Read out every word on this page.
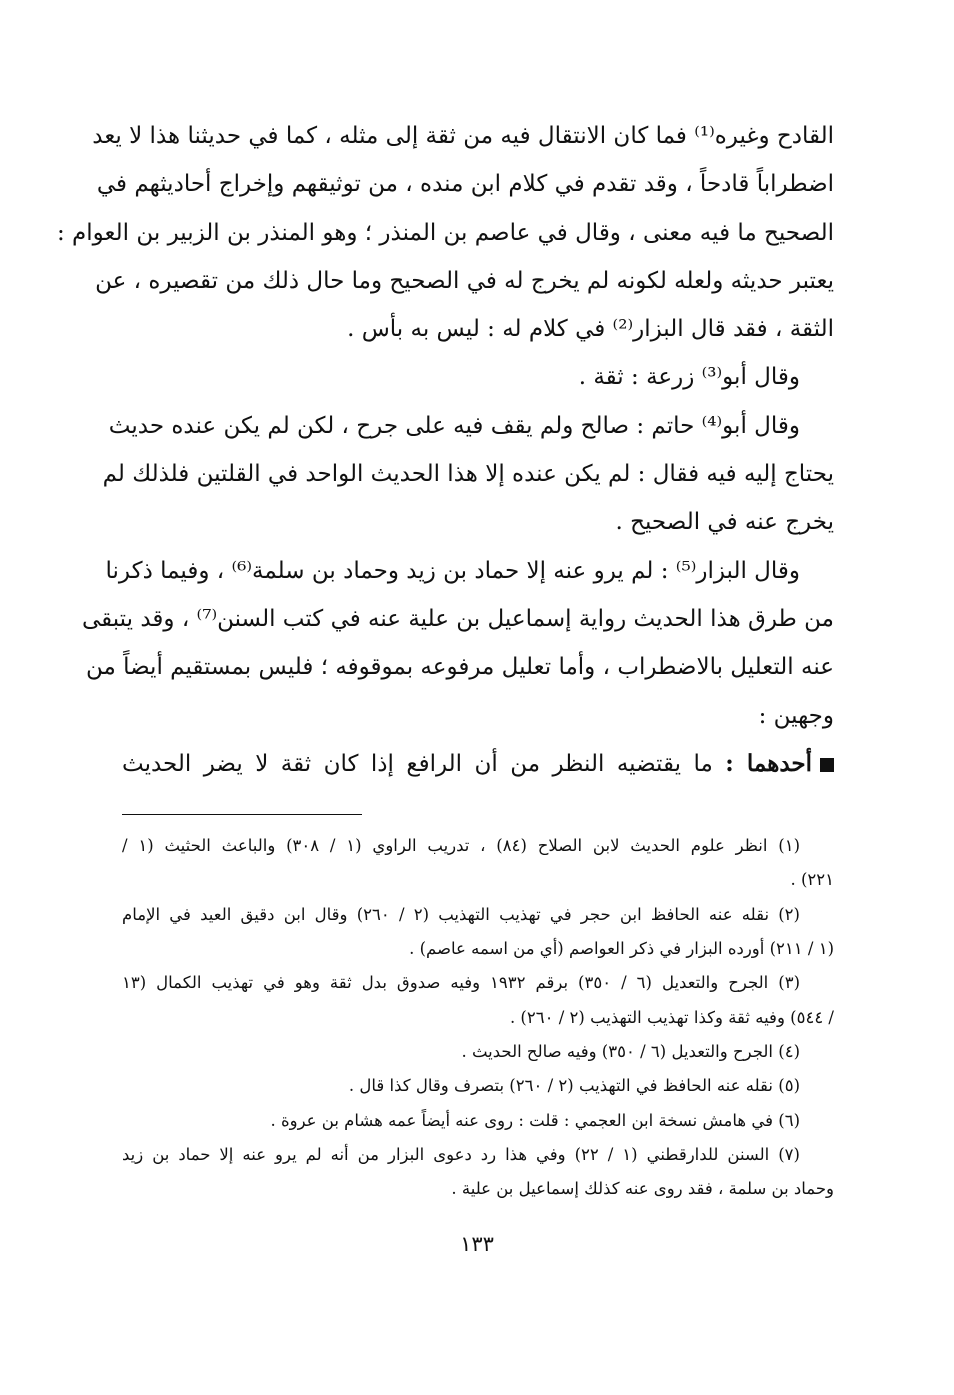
القادح وغيره⁽¹⁾ فما كان الانتقال فيه من ثقة إلى مثله ، كما في حديثنا هذا لا يعد
اضطراباً قادحاً ، وقد تقدم في كلام ابن منده ، من توثيقهم وإخراج أحاديثهم في
الصحيح ما فيه معنى ، وقال في عاصم بن المنذر ؛ وهو المنذر بن الزبير بن العوام :
يعتبر حديثه ولعله لكونه لم يخرج له في الصحيح وما حال ذلك من تقصيره ، عن
الثقة ، فقد قال البزار⁽²⁾ في كلام له : ليس به بأس .
وقال أبو⁽³⁾ زرعة : ثقة .
وقال أبو⁽⁴⁾ حاتم : صالح ولم يقف فيه على جرح ، لكن لم يكن عنده حديث
يحتاج إليه فيه فقال : لم يكن عنده إلا هذا الحديث الواحد في القلتين فلذلك لم
يخرج عنه في الصحيح .
وقال البزار⁽⁵⁾ : لم يرو عنه إلا حماد بن زيد وحماد بن سلمة⁽⁶⁾ ، وفيما ذكرنا
من طرق هذا الحديث رواية إسماعيل بن علية عنه في كتب السنن⁽⁷⁾ ، وقد يتبقى
عنه التعليل بالاضطراب ، وأما تعليل مرفوعه بموقوفه ؛ فليس بمستقيم أيضاً من
وجهين :
أحدهما : ما يقتضيه النظر من أن الرافع إذا كان ثقة لا يضر الحديث
(١) انظر علوم الحديث لابن الصلاح (٨٤) ، تدريب الراوي (١ / ٣٠٨) والباعث الحثيث (١ /
٢٢١) .
(٢) نقله عنه الحافظ ابن حجر في تهذيب التهذيب (٢ / ٢٦٠) وقال ابن دقيق العيد في الإمام
(١ / ٢١١) أورده البزار في ذكر العواصم (أي من اسمه عاصم) .
(٣) الجرح والتعديل (٦ / ٣٥٠) برقم ١٩٣٢ وفيه صدوق بدل ثقة وهو في تهذيب الكمال (١٣
/ ٥٤٤) وفيه ثقة وكذا تهذيب التهذيب (٢ / ٢٦٠) .
(٤) الجرح والتعديل (٦ / ٣٥٠) وفيه صالح الحديث .
(٥) نقله عنه الحافظ في التهذيب (٢ / ٢٦٠) بتصرف وقال كذا قال .
(٦) في هامش نسخة ابن العجمي : قلت : روى عنه أيضاً عمه هشام بن عروة .
(٧) السنن للدارقطني (١ / ٢٢) وفي هذا رد دعوى البزار من أنه لم يرو عنه إلا حماد بن زيد
وحماد بن سلمة ، فقد روى عنه كذلك إسماعيل بن علية .
١٣٣
